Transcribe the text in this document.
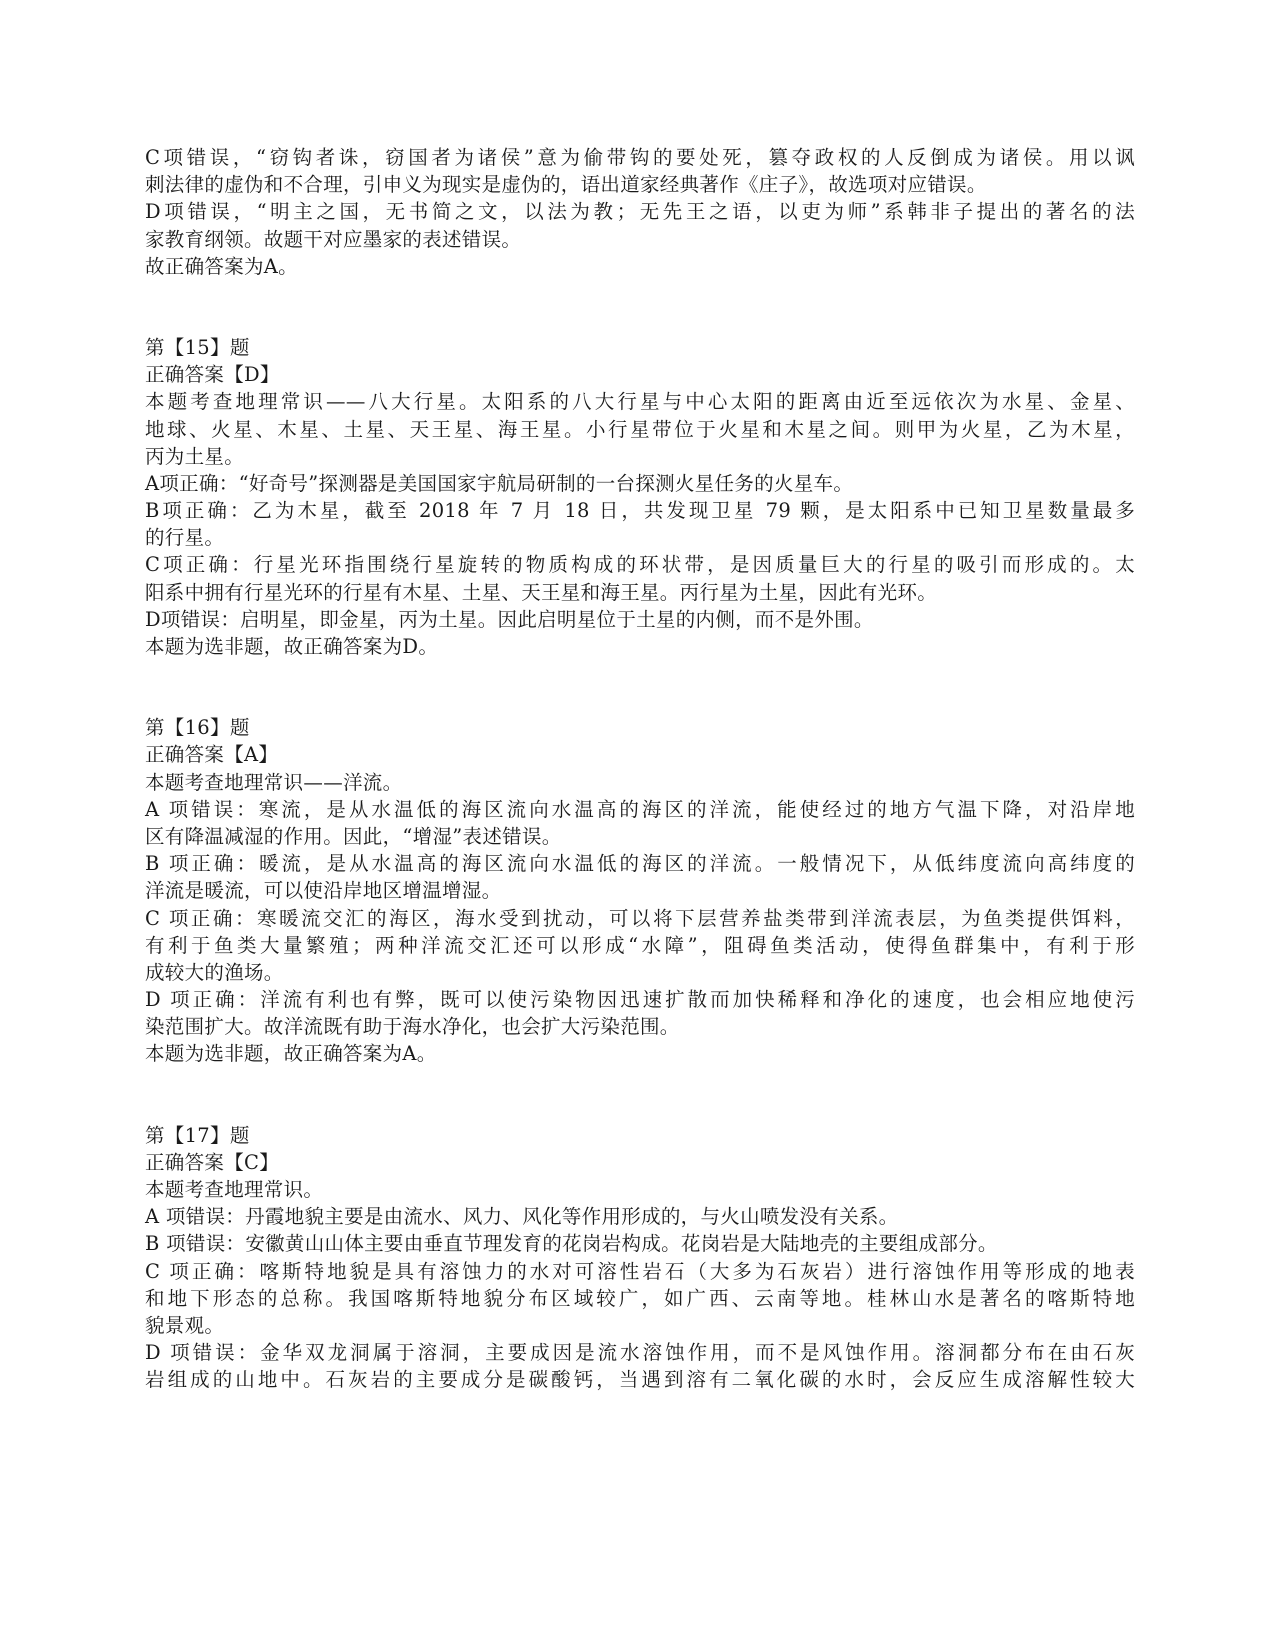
C项错误，“窃钩者诛，窃国者为诸侯”意为偷带钩的要处死，篡夺政权的人反倒成为诸侯。用以讽
刺法律的虚伪和不合理，引申义为现实是虚伪的，语出道家经典著作《庄子》，故选项对应错误。
D项错误，“明主之国，无书简之文，以法为教；无先王之语，以吏为师”系韩非子提出的著名的法
家教育纲领。故题干对应墨家的表述错误。
故正确答案为A。
第【15】题
正确答案【D】
本题考查地理常识——八大行星。太阳系的八大行星与中心太阳的距离由近至远依次为水星、金星、
地球、火星、木星、土星、天王星、海王星。小行星带位于火星和木星之间。则甲为火星，乙为木星，
丙为土星。
A项正确：“好奇号”探测器是美国国家宇航局研制的一台探测火星任务的火星车。
B项正确：乙为木星，截至 2018 年 7 月 18 日，共发现卫星 79 颗，是太阳系中已知卫星数量最多
的行星。
C项正确：行星光环指围绕行星旋转的物质构成的环状带，是因质量巨大的行星的吸引而形成的。太
阳系中拥有行星光环的行星有木星、土星、天王星和海王星。丙行星为土星，因此有光环。
D项错误：启明星，即金星，丙为土星。因此启明星位于土星的内侧，而不是外围。
本题为选非题，故正确答案为D。
第【16】题
正确答案【A】
本题考查地理常识——洋流。
A 项错误：寒流，是从水温低的海区流向水温高的海区的洋流，能使经过的地方气温下降，对沿岸地
区有降温减湿的作用。因此，“增湿”表述错误。
B 项正确：暖流，是从水温高的海区流向水温低的海区的洋流。一般情况下，从低纬度流向高纬度的
洋流是暖流，可以使沿岸地区增温增湿。
C 项正确：寒暖流交汇的海区，海水受到扰动，可以将下层营养盐类带到洋流表层，为鱼类提供饵料，
有利于鱼类大量繁殖；两种洋流交汇还可以形成“水障”，阻碍鱼类活动，使得鱼群集中，有利于形
成较大的渔场。
D 项正确：洋流有利也有弊，既可以使污染物因迅速扩散而加快稀释和净化的速度，也会相应地使污
染范围扩大。故洋流既有助于海水净化，也会扩大污染范围。
本题为选非题，故正确答案为A。
第【17】题
正确答案【C】
本题考查地理常识。
A 项错误：丹霞地貌主要是由流水、风力、风化等作用形成的，与火山喷发没有关系。
B 项错误：安徽黄山山体主要由垂直节理发育的花岗岩构成。花岗岩是大陆地壳的主要组成部分。
C 项正确：喀斯特地貌是具有溶蚀力的水对可溶性岩石（大多为石灰岩）进行溶蚀作用等形成的地表
和地下形态的总称。我国喀斯特地貌分布区域较广，如广西、云南等地。桂林山水是著名的喀斯特地
貌景观。
D 项错误：金华双龙洞属于溶洞，主要成因是流水溶蚀作用，而不是风蚀作用。溶洞都分布在由石灰
岩组成的山地中。石灰岩的主要成分是碳酸钙，当遇到溶有二氧化碳的水时，会反应生成溶解性较大
